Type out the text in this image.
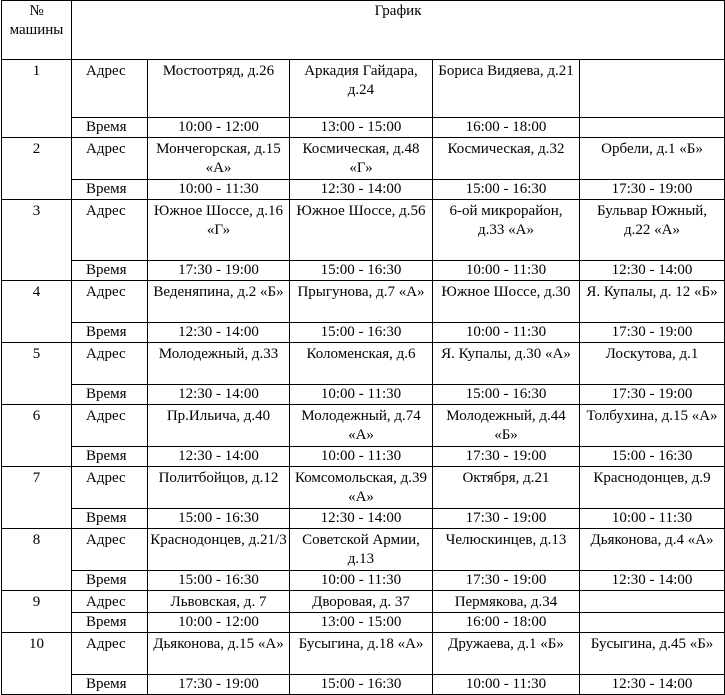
№ машины	График				
1	Адрес	Мостоотряд, д.26	Аркадия Гайдара, д.24	Бориса Видяева, д.21	
	Время	10:00 - 12:00	13:00 - 15:00	16:00 - 18:00	
2	Адрес	Мончегорская, д.15 «А»	Космическая, д.48 «Г»	Космическая, д.32	Орбели, д.1 «Б»
	Время	10:00 - 11:30	12:30 - 14:00	15:00 - 16:30	17:30 - 19:00
3	Адрес	Южное Шоссе, д.16 «Г»	Южное Шоссе, д.56	6-ой микрорайон, д.33 «А»	Бульвар Южный, д.22 «А»
	Время	17:30 - 19:00	15:00 - 16:30	10:00 - 11:30	12:30 - 14:00
4	Адрес	Веденяпина, д.2 «Б»	Прыгунова, д.7 «А»	Южное Шоссе, д.30	Я. Купалы, д. 12 «Б»
	Время	12:30 - 14:00	15:00 - 16:30	10:00 - 11:30	17:30 - 19:00
5	Адрес	Молодежный, д.33	Коломенская, д.6	Я. Купалы, д.30 «А»	Лоскутова, д.1
	Время	12:30 - 14:00	10:00 - 11:30	15:00 - 16:30	17:30 - 19:00
6	Адрес	Пр.Ильича, д.40	Молодежный, д.74 «А»	Молодежный, д.44 «Б»	Толбухина, д.15 «А»
	Время	12:30 - 14:00	10:00 - 11:30	17:30 - 19:00	15:00 - 16:30
7	Адрес	Политбойцов, д.12	Комсомольская, д.39 «А»	Октября, д.21	Краснодонцев, д.9
	Время	15:00 - 16:30	12:30 - 14:00	17:30 - 19:00	10:00 - 11:30
8	Адрес	Краснодонцев, д.21/3	Советской Армии, д.13	Челюскинцев, д.13	Дьяконова, д.4 «А»
	Время	15:00 - 16:30	10:00 - 11:30	17:30 - 19:00	12:30 - 14:00
9	Адрес	Львовская, д. 7	Дворовая, д. 37	Пермякова, д.34	
	Время	10:00 - 12:00	13:00 - 15:00	16:00 - 18:00	
10	Адрес	Дьяконова, д.15 «А»	Бусыгина, д.18 «А»	Дружаева, д.1 «Б»	Бусыгина, д.45 «Б»
	Время	17:30 - 19:00	15:00 - 16:30	10:00 - 11:30	12:30 - 14:00
